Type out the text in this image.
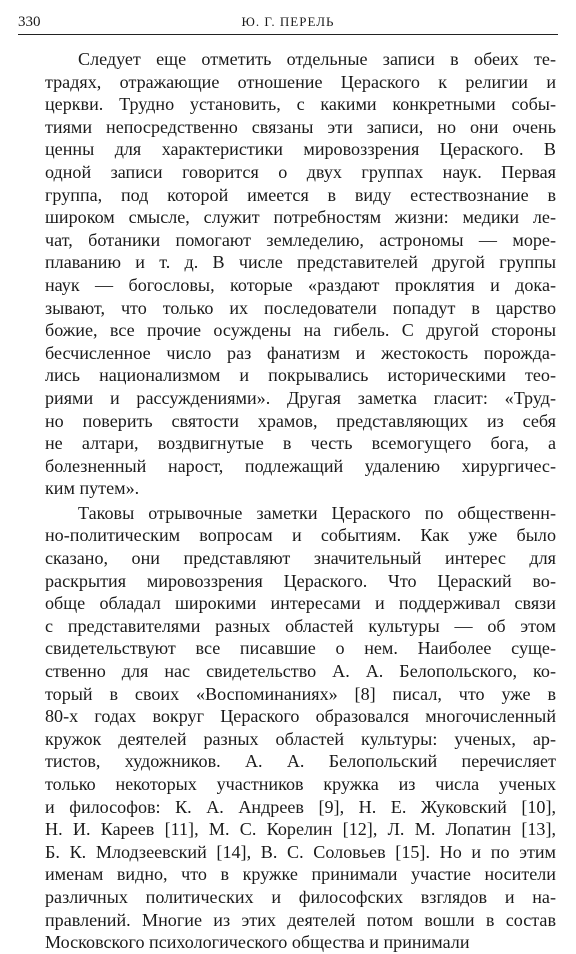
330	Ю. Г. ПЕРЕЛЬ
Следует еще отметить отдельные записи в обеих те-
традях, отражающие отношение Цераского к религии и
церкви. Трудно установить, с какими конкретными собы-
тиями непосредственно связаны эти записи, но они очень
ценны для характеристики мировоззрения Цераского. В
одной записи говорится о двух группах наук. Первая
группа, под которой имеется в виду естествознание в
широком смысле, служит потребностям жизни: медики ле-
чат, ботаники помогают земледелию, астрономы — море-
плаванию и т. д. В числе представителей другой группы
наук — богословы, которые «раздают проклятия и дока-
зывают, что только их последователи попадут в царство
божие, все прочие осуждены на гибель. С другой стороны
бесчисленное число раз фанатизм и жестокость порожда-
лись национализмом и покрывались историческими тео-
риями и рассуждениями». Другая заметка гласит: «Труд-
но поверить святости храмов, представляющих из себя
не алтари, воздвигнутые в честь всемогущего бога, а
болезненный нарост, подлежащий удалению хирургичес-
ким путем».
Таковы отрывочные заметки Цераского по общественн-
но-политическим вопросам и событиям. Как уже было
сказано, они представляют значительный интерес для
раскрытия мировоззрения Цераского. Что Цераский во-
обще обладал широкими интересами и поддерживал связи
с представителями разных областей культуры — об этом
свидетельствуют все писавшие о нем. Наиболее суще-
ственно для нас свидетельство А. А. Белопольского, ко-
торый в своих «Воспоминаниях» [8] писал, что уже в
80-х годах вокруг Цераского образовался многочисленный
кружок деятелей разных областей культуры: ученых, ар-
тистов, художников. А. А. Белопольский перечисляет
только некоторых участников кружка из числа ученых
и философов: К. А. Андреев [9], Н. Е. Жуковский [10],
Н. И. Кареев [11], М. С. Корелин [12], Л. М. Лопатин [13],
Б. К. Млодзеевский [14], В. С. Соловьев [15]. Но и по этим
именам видно, что в кружке принимали участие носители
различных политических и философских взглядов и на-
правлений. Многие из этих деятелей потом вошли в состав
Московского психологического общества и принимали
